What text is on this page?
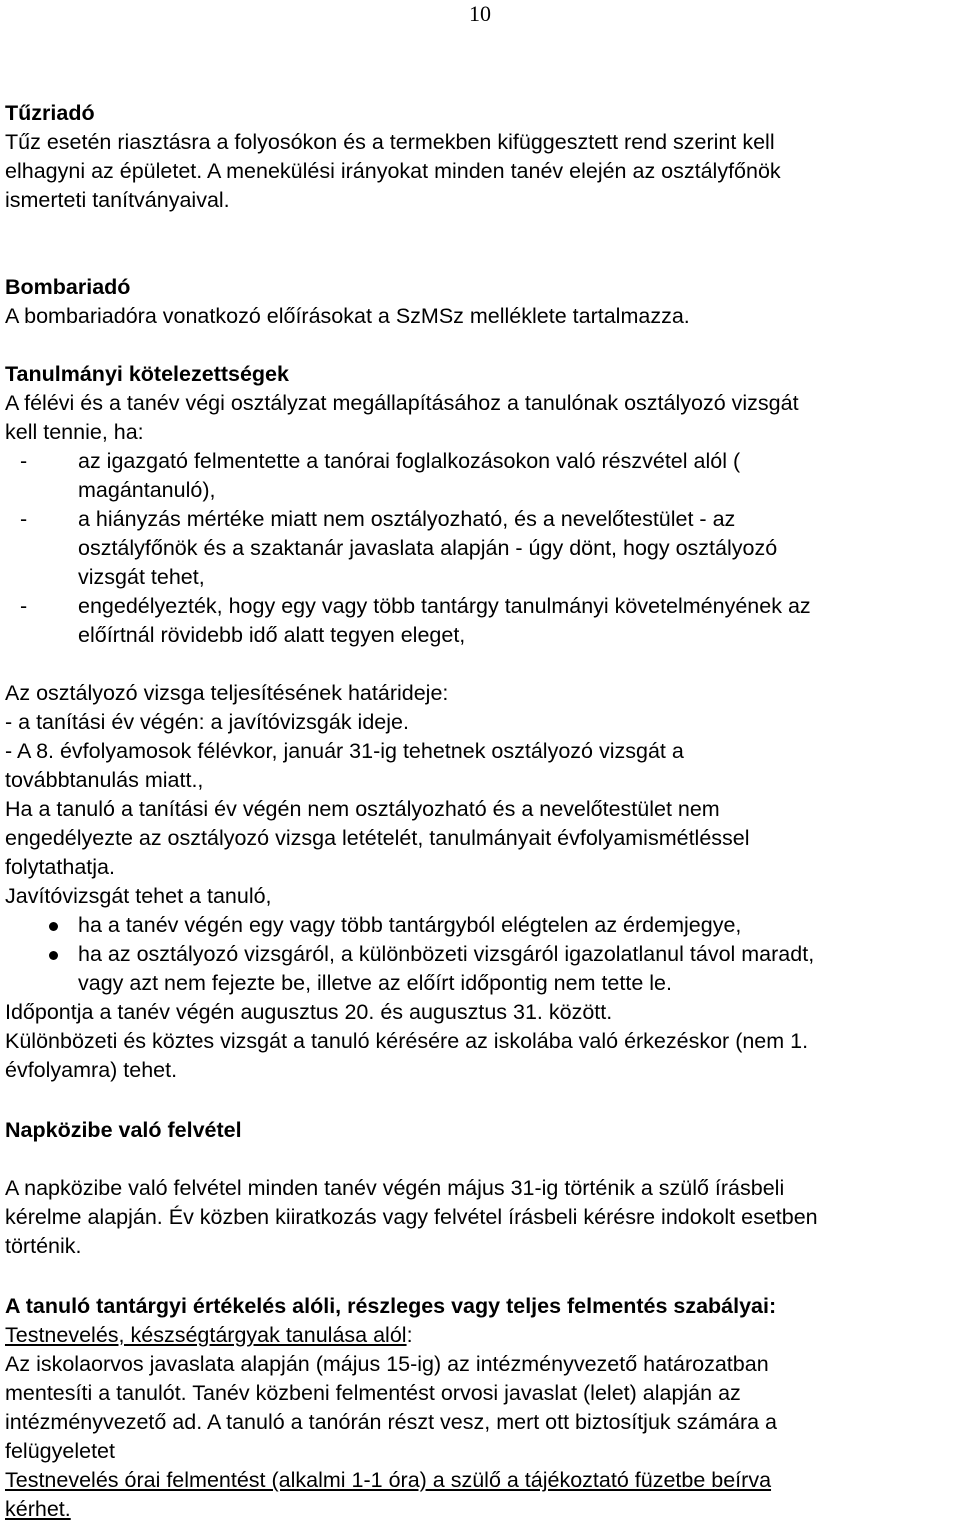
10

Tűzriadó

Tűz esetén riasztásra a folyosókon és a termekben kifüggesztett rend szerint kell

elhagyni az épületet. A menekülési irányokat minden tanév elején az osztályfőnök

ismerteti tanítványaival.

Bombariadó

A bombariadóra vonatkozó előírásokat a SzMSz melléklete tartalmazza.

Tanulmányi kötelezettségek

A félévi és a tanév végi osztályzat megállapításához a tanulónak osztályozó vizsgát

kell tennie, ha:

- az igazgató felmentette a tanórai foglalkozásokon való részvétel alól (
magántanuló),
- a hiányzás mértéke miatt nem osztályozható, és a nevelőtestület - az
osztályfőnök és a szaktanár javaslata alapján - úgy dönt, hogy osztályozó
vizsgát tehet,
- engedélyezték, hogy egy vagy több tantárgy tanulmányi követelményének az
előírtnál rövidebb idő alatt tegyen eleget,

Az osztályozó vizsga teljesítésének határideje:

- a tanítási év végén: a javítóvizsgák ideje.

- A 8. évfolyamosok félévkor, január 31-ig tehetnek osztályozó vizsgát a

továbbtanulás miatt.,

Ha a tanuló a tanítási év végén nem osztályozható és a nevelőtestület nem

engedélyezte az osztályozó vizsga letételét, tanulmányait évfolyamismétléssel

folytathatja.

Javítóvizsgát tehet a tanuló,

ha a tanév végén egy vagy több tantárgyból elégtelen az érdemjegye,
ha az osztályozó vizsgáról, a különbözeti vizsgáról igazolatlanul távol maradt,
vagy azt nem fejezte be, illetve az előírt időpontig nem tette le.

Időpontja a tanév végén augusztus 20. és augusztus 31. között.

Különbözeti és köztes vizsgát a tanuló kérésére az iskolába való érkezéskor (nem 1.

évfolyamra) tehet.

Napközibe való felvétel

A napközibe való felvétel minden tanév végén május 31-ig történik a szülő írásbeli

kérelme alapján. Év közben kiiratkozás vagy felvétel írásbeli kérésre indokolt esetben

történik.

A tanuló tantárgyi értékelés alóli, részleges vagy teljes felmentés szabályai:

Testnevelés, készségtárgyak tanulása alól:

Az iskolaorvos javaslata alapján (május 15-ig) az intézményvezető határozatban

mentesíti a tanulót. Tanév közbeni felmentést orvosi javaslat (lelet) alapján az

intézményvezető ad. A tanuló a tanórán részt vesz, mert ott biztosítjuk számára a

felügyeletet

Testnevelés órai felmentést (alkalmi 1-1 óra) a szülő a tájékoztató füzetbe beírva

kérhet.
